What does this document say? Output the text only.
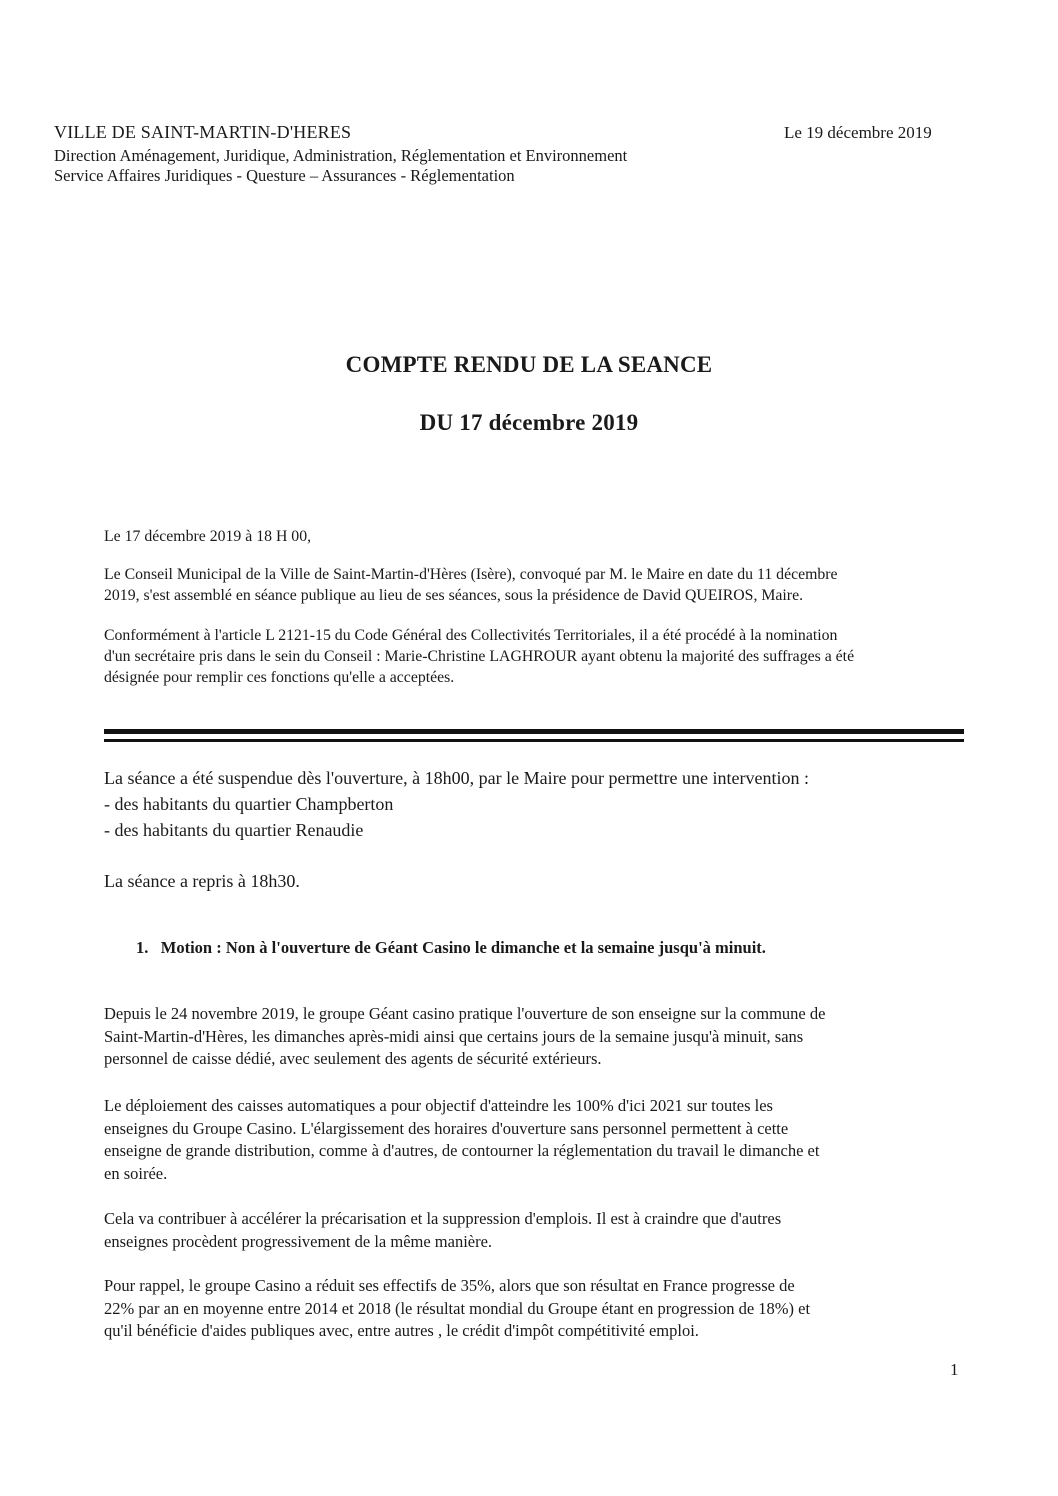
VILLE DE SAINT-MARTIN-D'HERES
Direction Aménagement, Juridique, Administration, Réglementation et Environnement
Service Affaires Juridiques - Questure – Assurances - Réglementation
Le 19 décembre 2019
COMPTE RENDU DE LA SEANCE
DU 17 décembre 2019
Le 17 décembre 2019 à 18 H 00,
Le Conseil Municipal de la Ville de Saint-Martin-d'Hères (Isère), convoqué par M. le Maire en date du 11 décembre
2019, s'est assemblé en séance publique au lieu de ses séances, sous la présidence de David QUEIROS, Maire.
Conformément à l'article L 2121-15 du Code Général des Collectivités Territoriales, il a été procédé à la nomination
d'un secrétaire pris dans le sein du Conseil : Marie-Christine LAGHROUR ayant obtenu la majorité des suffrages a été
désignée pour remplir ces fonctions qu'elle a acceptées.
La séance a été suspendue dès l'ouverture, à 18h00, par le Maire pour permettre une intervention :
- des habitants du quartier Champberton
- des habitants du quartier Renaudie
La séance a repris à 18h30.
1. Motion : Non à l'ouverture de Géant Casino le dimanche et la semaine jusqu'à minuit.
Depuis le 24 novembre 2019, le groupe Géant casino pratique l'ouverture de son enseigne sur la commune de
Saint-Martin-d'Hères, les dimanches après-midi ainsi que certains jours de la semaine jusqu'à minuit, sans
personnel de caisse dédié, avec seulement des agents de sécurité extérieurs.
Le déploiement des caisses automatiques a pour objectif d'atteindre les 100% d'ici 2021 sur toutes les
enseignes du Groupe Casino. L'élargissement des horaires d'ouverture sans personnel permettent à cette
enseigne de grande distribution, comme à d'autres, de contourner la réglementation du travail le dimanche et
en soirée.
Cela va contribuer à accélérer la précarisation et la suppression d'emplois. Il est à craindre que d'autres
enseignes procèdent progressivement de la même manière.
Pour rappel, le groupe Casino a réduit ses effectifs de 35%, alors que son résultat en France progresse de
22% par an en moyenne entre 2014 et 2018 (le résultat mondial du Groupe étant en progression de 18%) et
qu'il bénéficie d'aides publiques avec, entre autres , le crédit d'impôt compétitivité emploi.
1
